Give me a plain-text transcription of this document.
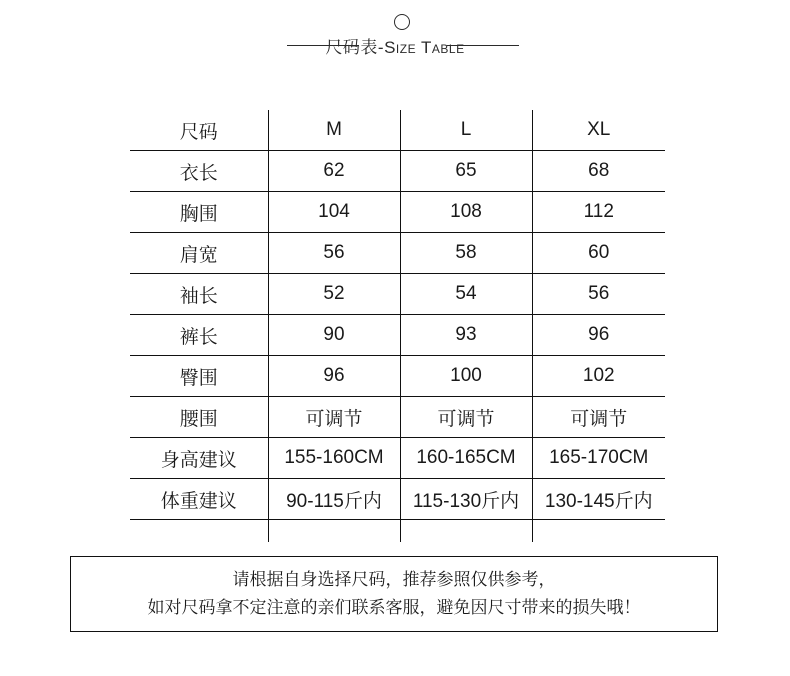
尺码表-Size Table
尺码	M	L	XL
衣长	62	65	68
胸围	104	108	112
肩宽	56	58	60
袖长	52	54	56
裤长	90	93	96
臀围	96	100	102
腰围	可调节	可调节	可调节
身高建议	155-160CM	160-165CM	165-170CM
体重建议	90-115斤内	115-130斤内	130-145斤内

请根据自身选择尺码，推荐参照仅供参考，
如对尺码拿不定注意的亲们联系客服，避免因尺寸带来的损失哦！
